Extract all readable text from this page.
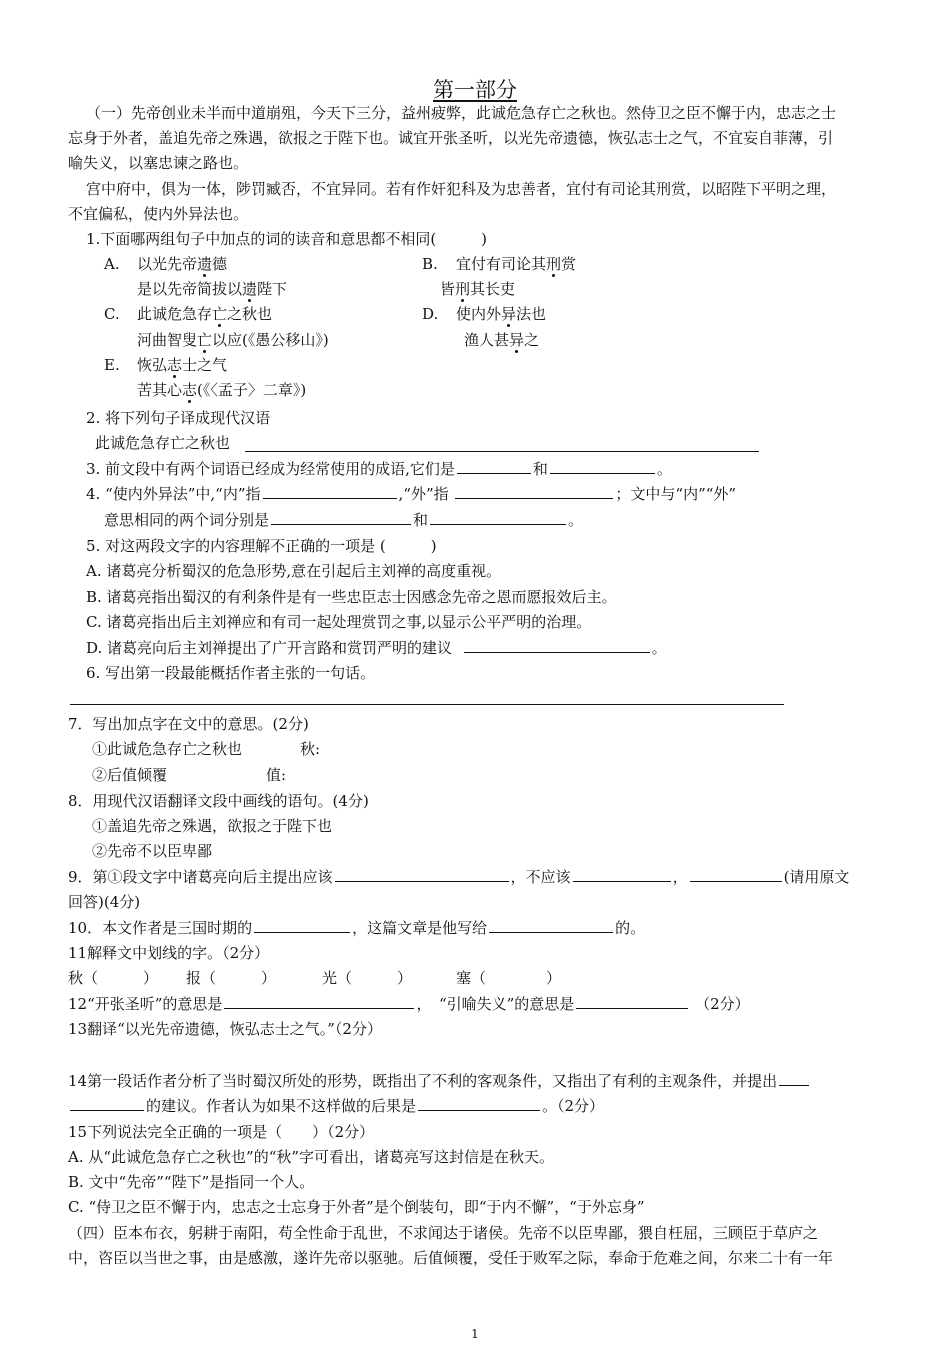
第一部分
（一）先帝创业未半而中道崩殂，今天下三分，益州疲弊，此诚危急存亡之秋也。然侍卫之臣不懈于内，忠志之士
忘身于外者，盖追先帝之殊遇，欲报之于陛下也。诚宜开张圣听，以光先帝遗德，恢弘志士之气，不宜妄自菲薄，引
喻失义，以塞忠谏之路也。
宫中府中，俱为一体，陟罚臧否，不宜异同。若有作奸犯科及为忠善者，宜付有司论其刑赏，以昭陛下平明之理，
不宜偏私，使内外异法也。
1.下面哪两组句子中加点的词的读音和意思都不相同(　　　)
A. 以光先帝遗德
是以先帝简拔以遗陛下
B. 宜付有司论其刑赏
皆刑其长吏
C. 此诚危急存亡之秋也
河曲智叟亡以应(《愚公移山》)
D. 使内外异法也
渔人甚异之
E. 恢弘志士之气
苦其心志(《〈孟子〉二章》)
2. 将下列句子译成现代汉语
此诚危急存亡之秋也
3. 前文段中有两个词语已经成为经常使用的成语,它们是	和	。
4. “使内外异法”中,“内”指	,“外”指	；文中与“内”“外”
意思相同的两个词分别是	和	。
5. 对这两段文字的内容理解不正确的一项是 (　　　)
A. 诸葛亮分析蜀汉的危急形势,意在引起后主刘禅的高度重视。
B. 诸葛亮指出蜀汉的有利条件是有一些忠臣志士因感念先帝之恩而愿报效后主。
C. 诸葛亮指出后主刘禅应和有司一起处理赏罚之事,以显示公平严明的治理。
D. 诸葛亮向后主刘禅提出了广开言路和赏罚严明的建议	。
6. 写出第一段最能概括作者主张的一句话。
7．写出加点字在文中的意思。(2分)
①此诚危急存亡之秋也	秋:
②后值倾覆	值:
8．用现代汉语翻译文段中画线的语句。(4分)
①盖追先帝之殊遇，欲报之于陛下也
②先帝不以臣卑鄙
9．第①段文字中诸葛亮向后主提出应该	，不应该	，	(请用原文
回答)(4分)
10．本文作者是三国时期的	，这篇文章是他写给	的。
11解释文中划线的字。（2分）
秋（　　　） 报（　　　）	光（　　　）	塞（　　　　）
12“开张圣听”的意思是	，　“引喻失义”的意思是	（2分）
13翻译“以光先帝遗德，恢弘志士之气。”（2分）
14第一段话作者分析了当时蜀汉所处的形势，既指出了不利的客观条件，又指出了有利的主观条件，并提出
的建议。作者认为如果不这样做的后果是	。（2分）
15下列说法完全正确的一项是（　　）（2分）
A. 从“此诚危急存亡之秋也”的“秋”字可看出，诸葛亮写这封信是在秋天。
B. 文中“先帝”“陛下”是指同一个人。
C. “侍卫之臣不懈于内，忠志之士忘身于外者”是个倒装句，即“于内不懈”，“于外忘身”
（四）臣本布衣，躬耕于南阳，苟全性命于乱世，不求闻达于诸侯。先帝不以臣卑鄙，猥自枉屈，三顾臣于草庐之
中，咨臣以当世之事，由是感激，遂许先帝以驱驰。后值倾覆，受任于败军之际，奉命于危难之间，尔来二十有一年
1
